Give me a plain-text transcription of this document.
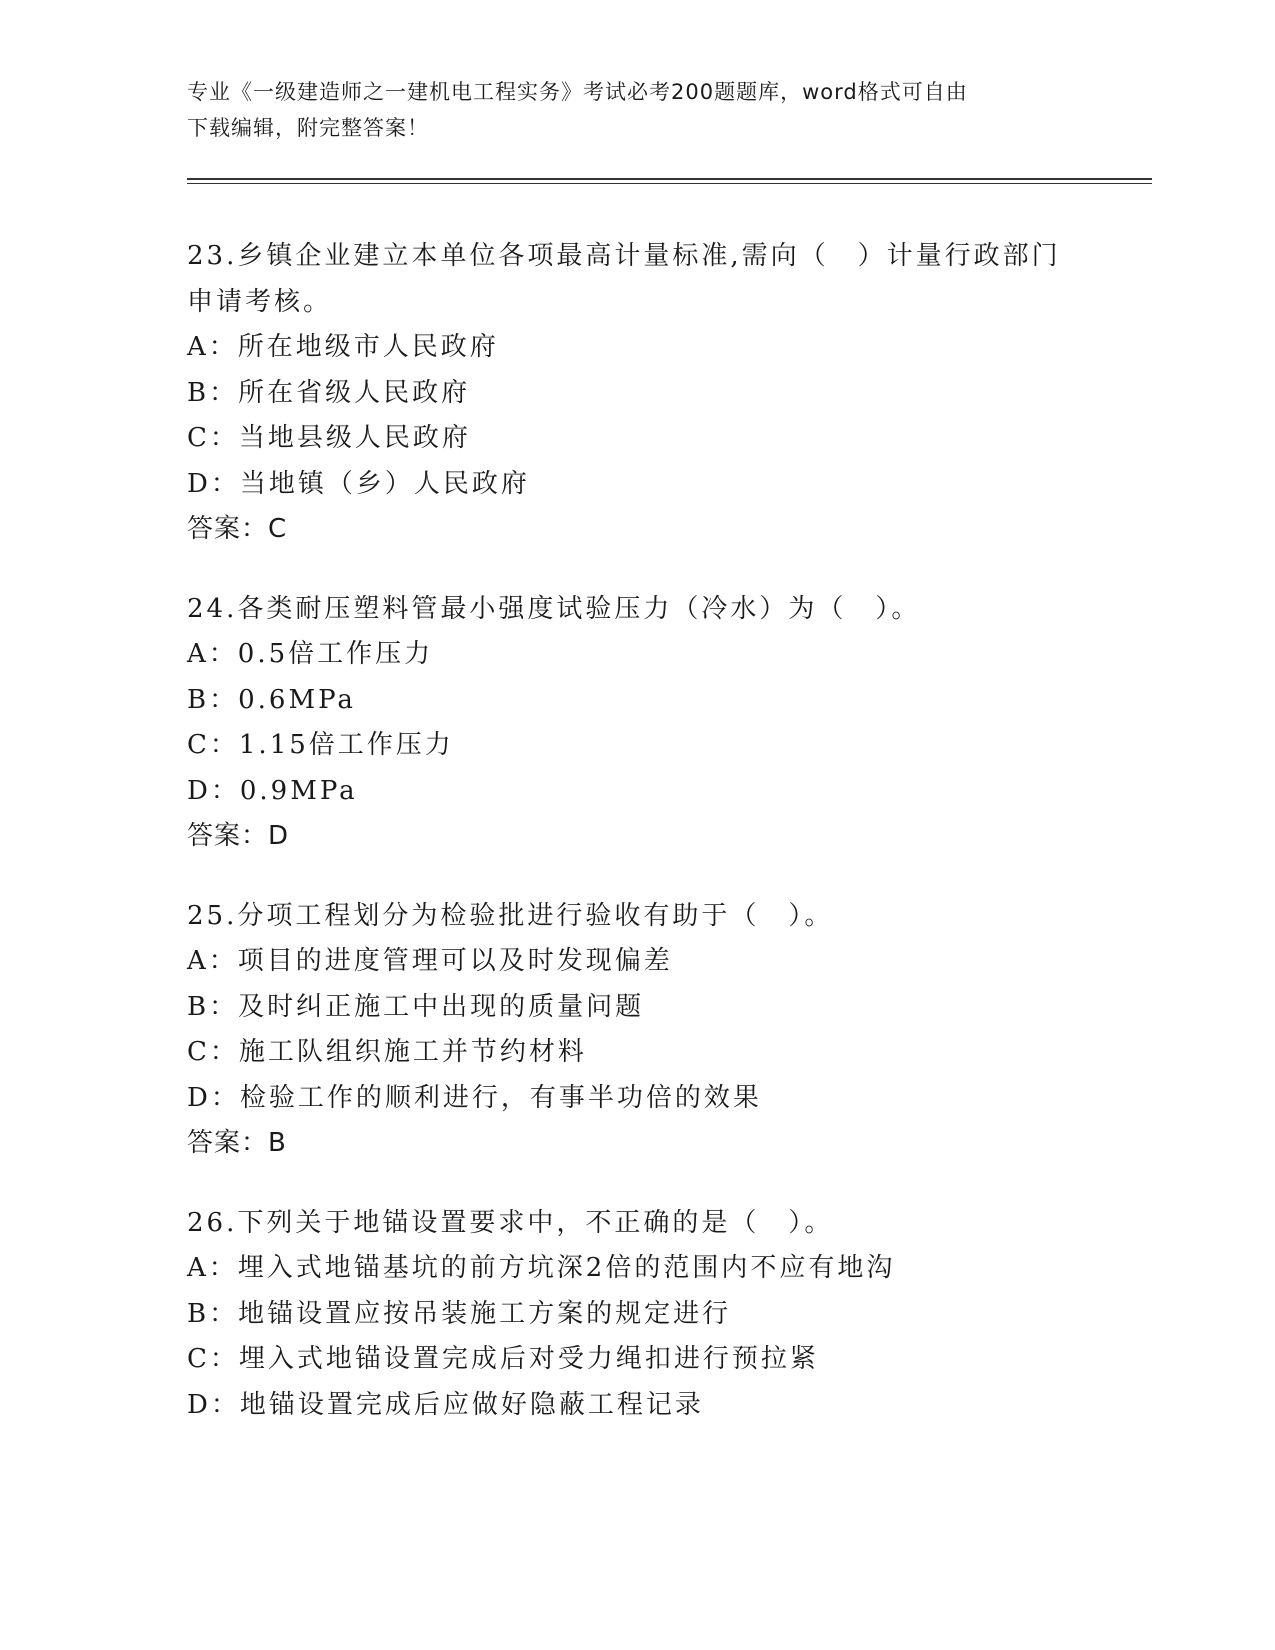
专业《一级建造师之一建机电工程实务》考试必考200题题库，word格式可自由

下载编辑，附完整答案！

23.乡镇企业建立本单位各项最高计量标准,需向（　）计量行政部门

申请考核。

A：所在地级市人民政府

B：所在省级人民政府

C：当地县级人民政府

D：当地镇（乡）人民政府

答案：C

24.各类耐压塑料管最小强度试验压力（冷水）为（　）。

A：0.5倍工作压力

B：0.6MPa

C：1.15倍工作压力

D：0.9MPa

答案：D

25.分项工程划分为检验批进行验收有助于（　）。

A：项目的进度管理可以及时发现偏差

B：及时纠正施工中出现的质量问题

C：施工队组织施工并节约材料

D：检验工作的顺利进行，有事半功倍的效果

答案：B

26.下列关于地锚设置要求中，不正确的是（　）。

A：埋入式地锚基坑的前方坑深2倍的范围内不应有地沟

B：地锚设置应按吊装施工方案的规定进行

C：埋入式地锚设置完成后对受力绳扣进行预拉紧

D：地锚设置完成后应做好隐蔽工程记录
